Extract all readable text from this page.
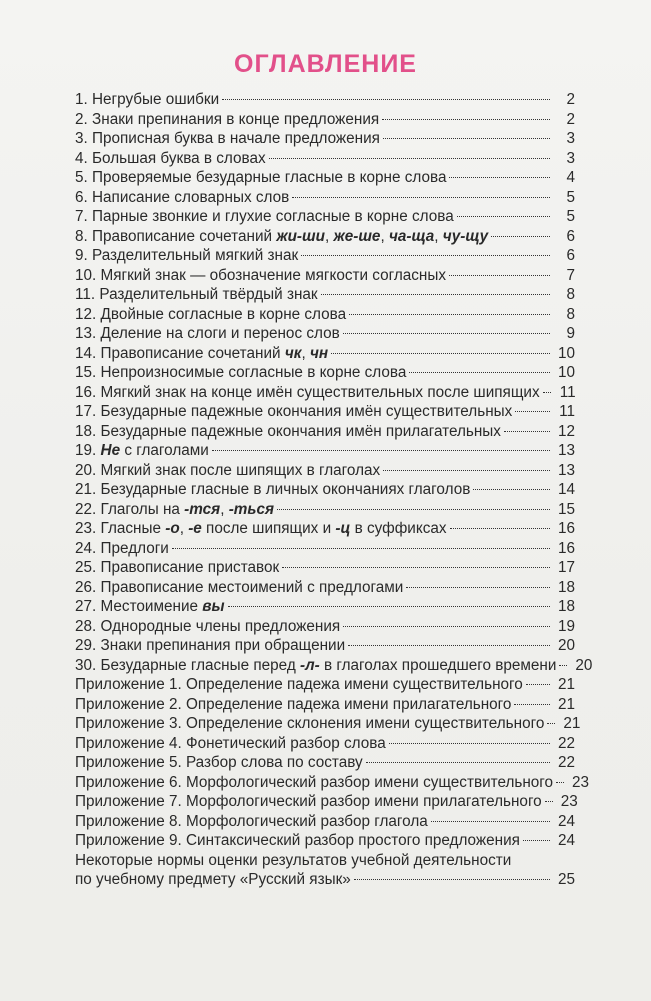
ОГЛАВЛЕНИЕ
1. Негрубые ошибки	2
2. Знаки препинания в конце предложения	2
3. Прописная буква в начале предложения	3
4. Большая буква в словах	3
5. Проверяемые безударные гласные в корне слова	4
6. Написание словарных слов	5
7. Парные звонкие и глухие согласные в корне слова	5
8. Правописание сочетаний жи-ши, же-ше, ча-ща, чу-щу	6
9. Разделительный мягкий знак	6
10. Мягкий знак — обозначение мягкости согласных	7
11. Разделительный твёрдый знак	8
12. Двойные согласные в корне слова	8
13. Деление на слоги и перенос слов	9
14. Правописание сочетаний чк, чн	10
15. Непроизносимые согласные в корне слова	10
16. Мягкий знак на конце имён существительных после шипящих	11
17. Безударные падежные окончания имён существительных	11
18. Безударные падежные окончания имён прилагательных	12
19. Не с глаголами	13
20. Мягкий знак после шипящих в глаголах	13
21. Безударные гласные в личных окончаниях глаголов	14
22. Глаголы на -тся, -ться	15
23. Гласные -о, -е после шипящих и -ц в суффиксах	16
24. Предлоги	16
25. Правописание приставок	17
26. Правописание местоимений с предлогами	18
27. Местоимение вы	18
28. Однородные члены предложения	19
29. Знаки препинания при обращении	20
30. Безударные гласные перед -л- в глаголах прошедшего времени	20
Приложение 1. Определение падежа имени существительного	21
Приложение 2. Определение падежа имени прилагательного	21
Приложение 3. Определение склонения имени существительного	21
Приложение 4. Фонетический разбор слова	22
Приложение 5. Разбор слова по составу	22
Приложение 6. Морфологический разбор имени существительного	23
Приложение 7. Морфологический разбор имени прилагательного	23
Приложение 8. Морфологический разбор глагола	24
Приложение 9. Синтаксический разбор простого предложения	24
Некоторые нормы оценки результатов учебной деятельности
по учебному предмету «Русский язык»	25
